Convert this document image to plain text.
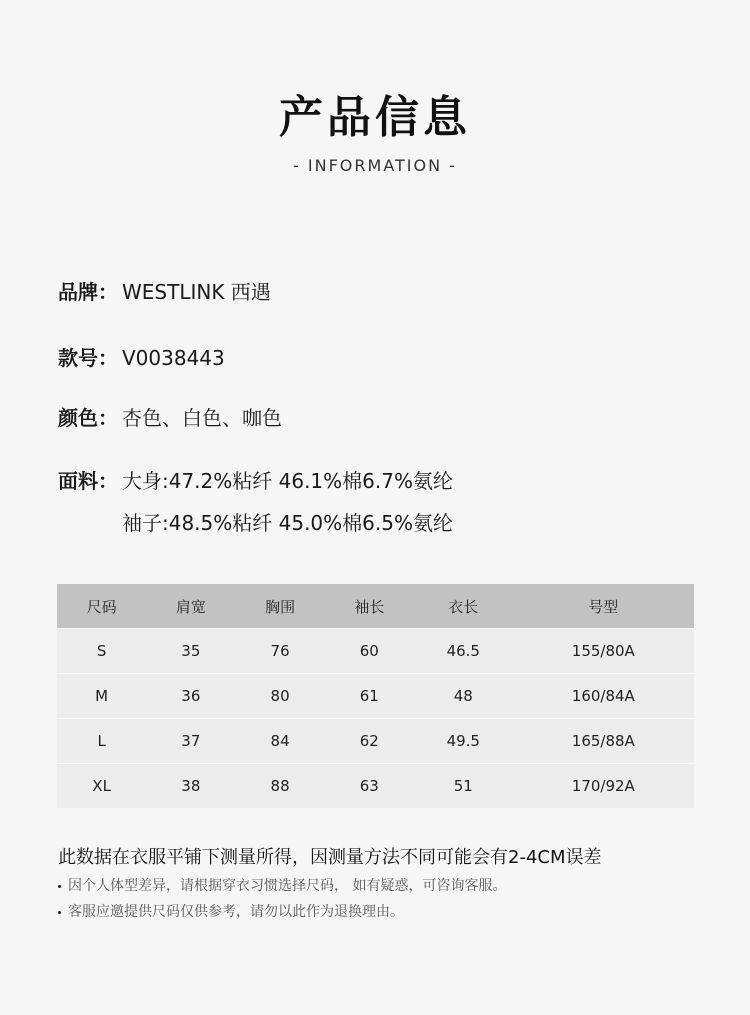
产品信息
- INFORMATION -
品牌： WESTLINK 西遇
款号： V0038443
颜色： 杏色、白色、咖色
面料： 大身:47.2%粘纤 46.1%棉6.7%氨纶
袖子:48.5%粘纤 45.0%棉6.5%氨纶
尺码	肩宽	胸围	袖长	衣长	号型
S	35	76	60	46.5	155/80A
M	36	80	61	48	160/84A
L	37	84	62	49.5	165/88A
XL	38	88	63	51	170/92A
此数据在衣服平铺下测量所得，因测量方法不同可能会有2-4CM误差
因个人体型差异，请根据穿衣习惯选择尺码， 如有疑惑，可咨询客服。
客服应邀提供尺码仅供参考，请勿以此作为退换理由。
